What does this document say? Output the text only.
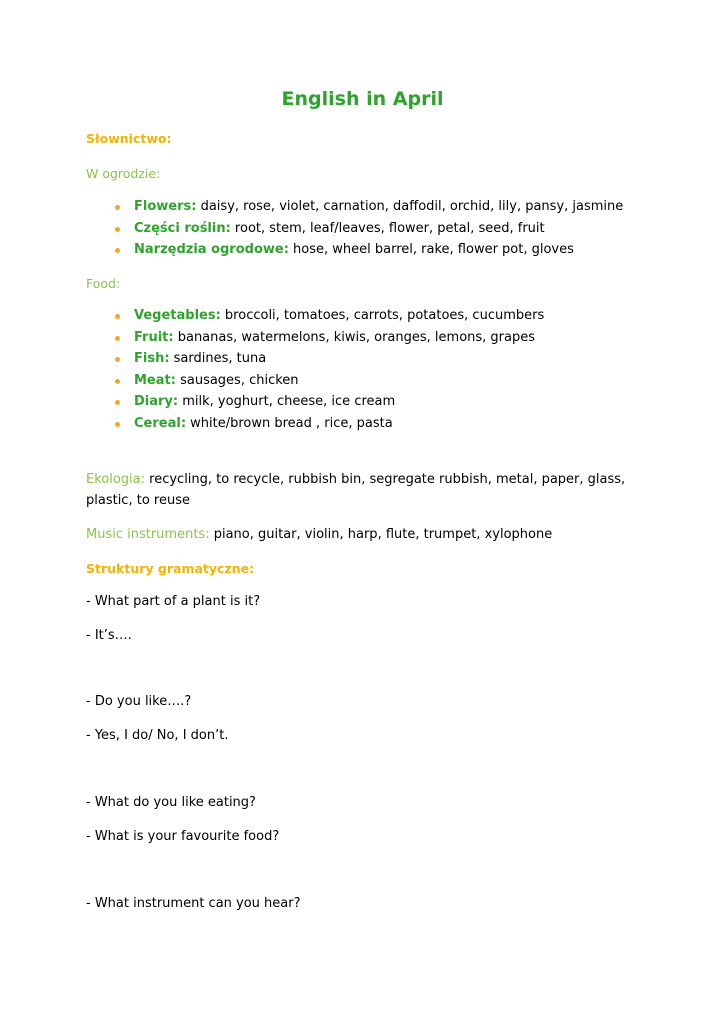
English in April

Słownictwo:

W ogrodzie:

Flowers: daisy, rose, violet, carnation, daffodil, orchid, lily, pansy, jasmine
Części roślin: root, stem, leaf/leaves, flower, petal, seed, fruit
Narzędzia ogrodowe: hose, wheel barrel, rake, flower pot, gloves

Food:

Vegetables: broccoli, tomatoes, carrots, potatoes, cucumbers
Fruit: bananas, watermelons, kiwis, oranges, lemons, grapes
Fish: sardines, tuna
Meat: sausages, chicken
Diary: milk, yoghurt, cheese, ice cream
Cereal: white/brown bread , rice, pasta

Ekologia: recycling, to recycle, rubbish bin, segregate rubbish, metal, paper, glass, plastic, to reuse

Music instruments: piano, guitar, violin, harp, flute, trumpet, xylophone

Struktury gramatyczne:

- What part of a plant is it?

- It’s….

- Do you like….?

- Yes, I do/ No, I don’t.

- What do you like eating?

- What is your favourite food?

- What instrument can you hear?
